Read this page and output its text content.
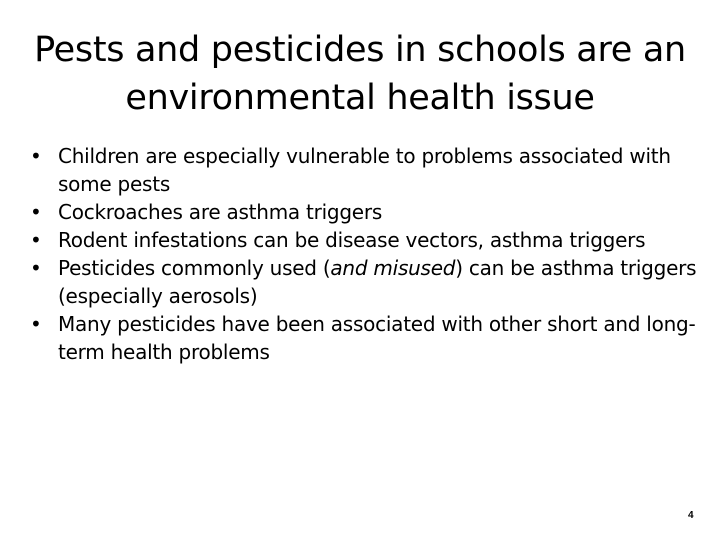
Pests and pesticides in schools are an
environmental health issue
• Children are especially vulnerable to problems associated with some pests
• Cockroaches are asthma triggers
• Rodent infestations can be disease vectors, asthma triggers
• Pesticides commonly used (and misused) can be asthma triggers (especially aerosols)
• Many pesticides have been associated with other short and long-term health problems
4
